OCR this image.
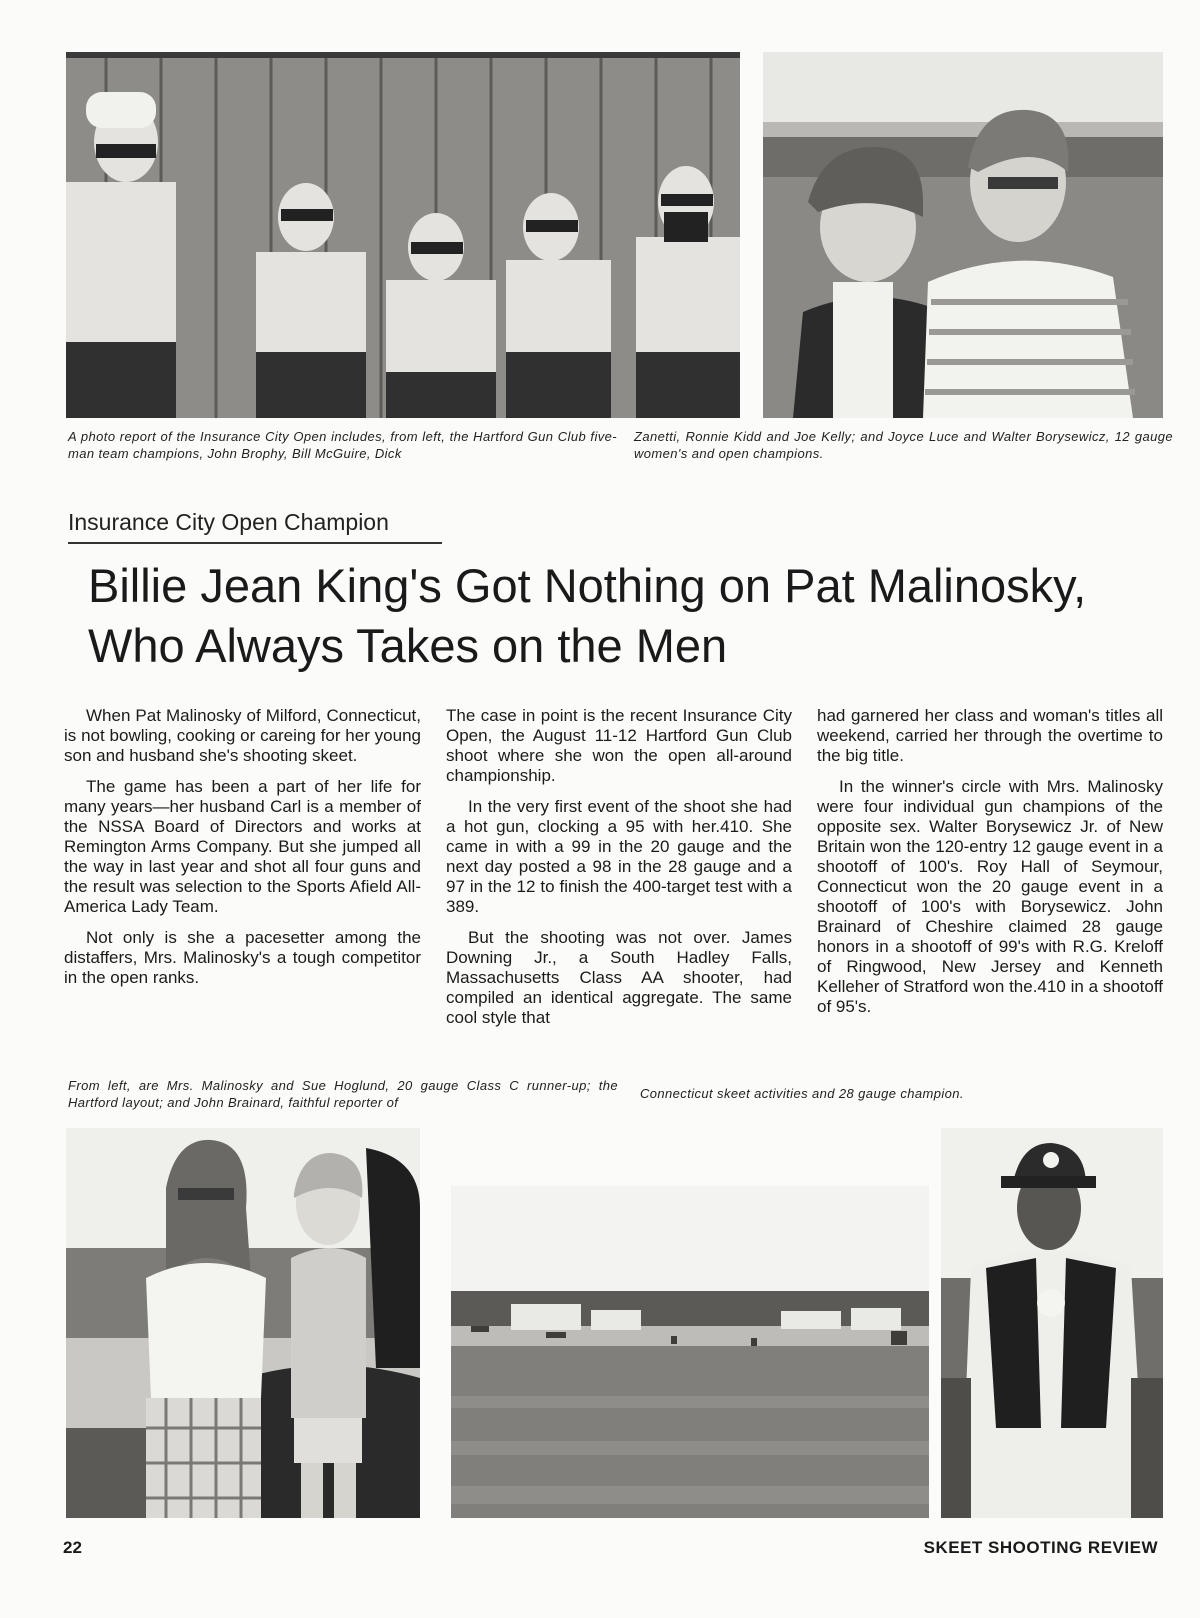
A photo report of the Insurance City Open includes, from left, the Hartford Gun Club five-man team champions, John Brophy, Bill McGuire, Dick

Zanetti, Ronnie Kidd and Joe Kelly; and Joyce Luce and Walter Borysewicz, 12 gauge women's and open champions.

Insurance City Open Champion
Billie Jean King's Got Nothing on Pat Malinosky, Who Always Takes on the Men

When Pat Malinosky of Milford, Connecticut, is not bowling, cooking or careing for her young son and husband she's shooting skeet.

The game has been a part of her life for many years—her husband Carl is a member of the NSSA Board of Directors and works at Remington Arms Company. But she jumped all the way in last year and shot all four guns and the result was selection to the Sports Afield All-America Lady Team.

Not only is she a pacesetter among the distaffers, Mrs. Malinosky's a tough competitor in the open ranks.

The case in point is the recent Insurance City Open, the August 11-12 Hartford Gun Club shoot where she won the open all-around championship.

In the very first event of the shoot she had a hot gun, clocking a 95 with her.410. She came in with a 99 in the 20 gauge and the next day posted a 98 in the 28 gauge and a 97 in the 12 to finish the 400-target test with a 389.

But the shooting was not over. James Downing Jr., a South Hadley Falls, Massachusetts Class AA shooter, had compiled an identical aggregate. The same cool style that

had garnered her class and woman's titles all weekend, carried her through the overtime to the big title.

In the winner's circle with Mrs. Malinosky were four individual gun champions of the opposite sex. Walter Borysewicz Jr. of New Britain won the 120-entry 12 gauge event in a shootoff of 100's. Roy Hall of Seymour, Connecticut won the 20 gauge event in a shootoff of 100's with Borysewicz. John Brainard of Cheshire claimed 28 gauge honors in a shootoff of 99's with R.G. Kreloff of Ringwood, New Jersey and Kenneth Kelleher of Stratford won the.410 in a shootoff of 95's.

From left, are Mrs. Malinosky and Sue Hoglund, 20 gauge Class C runner-up; the Hartford layout; and John Brainard, faithful reporter of

Connecticut skeet activities and 28 gauge champion.

22	SKEET SHOOTING REVIEW
